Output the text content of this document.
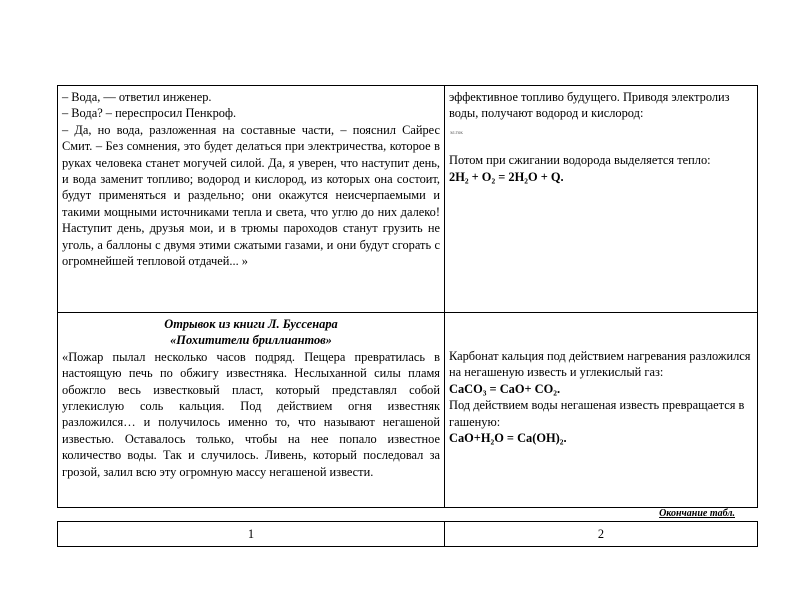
– Вода, — ответил инженер.

– Вода? – переспросил Пенкроф.

– Да, но вода, разложенная на составные части, – пояснил Сайрес Смит. – Без сомнения, это будет делаться при электричества, которое в руках человека станет могучей силой. Да, я уверен, что наступит день, и вода заменит топливо; водород и кислород, из которых она состоит, будут применяться и раздельно; они окажутся неисчерпаемыми и такими мощными источниками тепла и света, что углю до них далеко! Наступит день, друзья мои, и в трюмы пароходов станут грузить не уголь, а баллоны с двумя этими сжатыми газами, и они будут сгорать с огромнейшей тепловой отдачей... »

эффективное топливо будущего. Приводя электролиз воды, получают водород и кислород:

эл.ток

Потом при сжигании водорода выделяется тепло:

2H₂ + O₂ = 2H₂O + Q.

Отрывок из книги Л. Буссенара

«Похитители бриллиантов»

«Пожар пылал несколько часов подряд. Пещера превратилась в настоящую печь по обжигу известняка. Неслыханной силы пламя обожгло весь известковый пласт, который представлял собой углекислую соль кальция. Под действием огня известняк разложился… и получилось именно то, что называют негашеной известью. Оставалось только, чтобы на нее попало известное количество воды. Так и случилось. Ливень, который последовал за грозой, залил всю эту огромную массу негашеной извести.

Карбонат кальция под действием нагревания разложился на негашеную известь и углекислый газ:

CaCO₃ = CaO+ CO₂.

Под действием воды негашеная известь превращается в гашеную:

CaO+H₂O = Ca(OH)₂.

Окончание табл.
1	2
